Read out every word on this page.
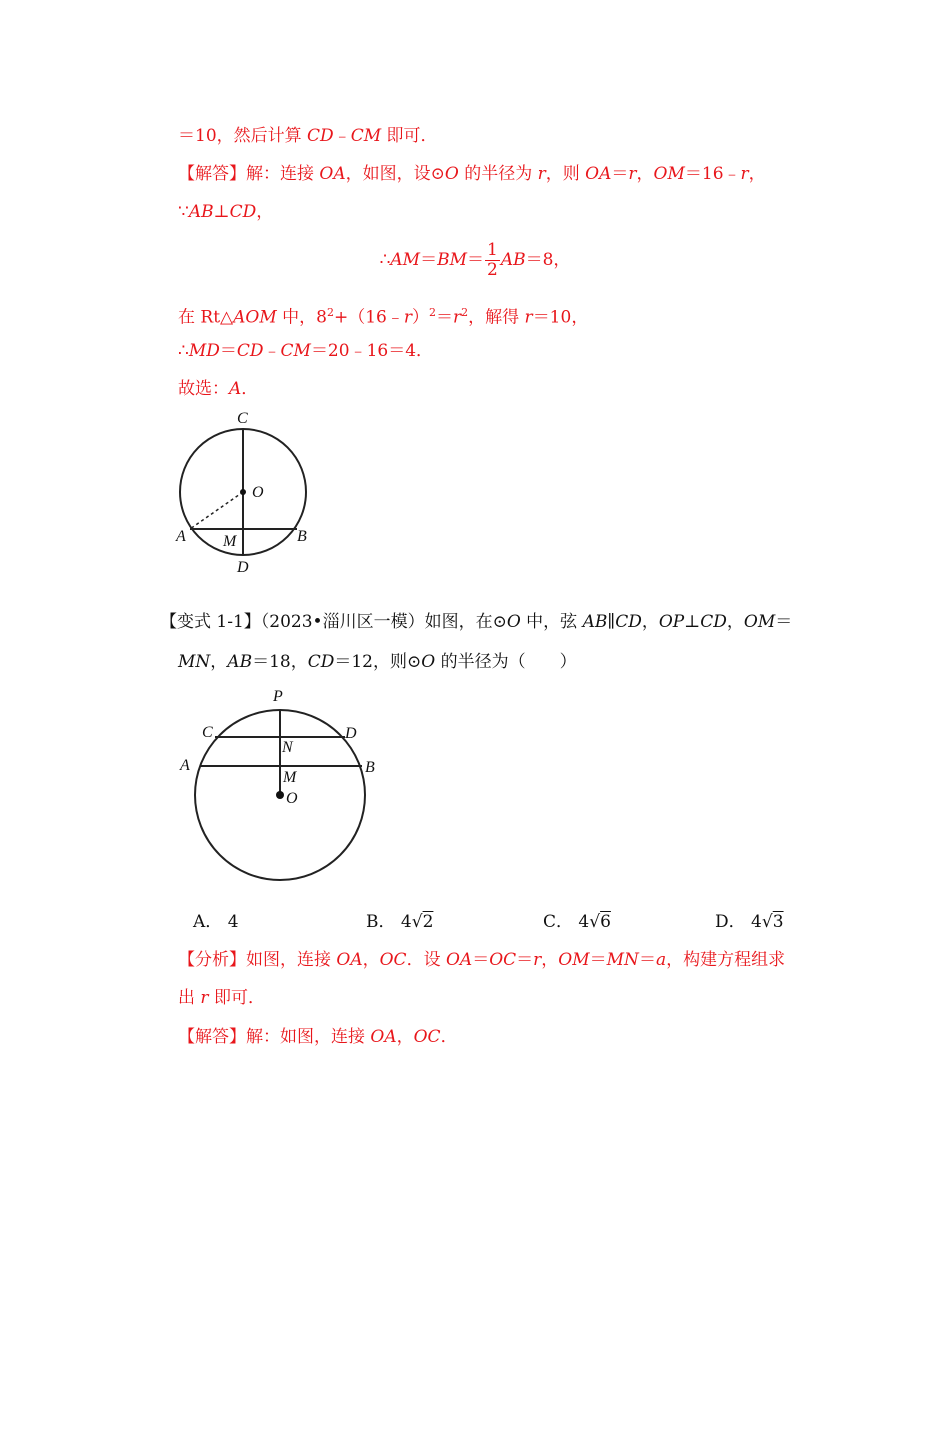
＝10，然后计算 CD﹣CM 即可．
【解答】解：连接 OA，如图，设⊙O 的半径为 r，则 OA＝r，OM＝16﹣r，
∵AB⊥CD，
∴AM＝BM＝ $\frac{1}{2} AB=8$，
在 Rt△AOM 中，$8^2+(16﹣r)^2=r^2$，解得 r＝10，
∴MD＝CD﹣CM＝20﹣16＝4．
故选：A．
C
O
A M	B
D
【变式 1-1】（2023•淄川区一模）如图，在⊙O 中，弦 AB∥CD，OP⊥CD，OM＝
MN，AB＝18，CD＝12，则⊙O 的半径为（　　）
P
C	D
N
A	B
M
O
A． 4	B． 4√2	C． 4√6	D． 4√3
【分析】如图，连接 OA，OC．设 OA＝OC＝r，OM＝MN＝a，构建方程组求
出 r 即可．
【解答】解：如图，连接 OA，OC．
